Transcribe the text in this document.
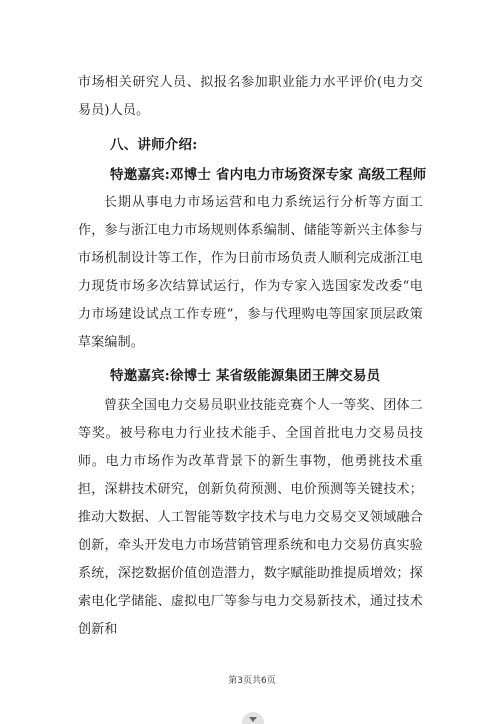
市场相关研究人员、拟报名参加职业能力水平评价(电力交易员)人员。
八、讲师介绍:
特邀嘉宾:邓博士 省内电力市场资深专家 高级工程师
长期从事电力市场运营和电力系统运行分析等方面工作，参与浙江电力市场规则体系编制、储能等新兴主体参与市场机制设计等工作，作为日前市场负责人顺利完成浙江电力现货市场多次结算试运行，作为专家入选国家发改委“电力市场建设试点工作专班”，参与代理购电等国家顶层政策草案编制。
特邀嘉宾:徐博士 某省级能源集团王牌交易员
曾获全国电力交易员职业技能竞赛个人一等奖、团体二等奖。被号称电力行业技术能手、全国首批电力交易员技师。电力市场作为改革背景下的新生事物，他勇挑技术重担，深耕技术研究，创新负荷预测、电价预测等关键技术；推动大数据、人工智能等数字技术与电力交易交叉领域融合创新，牵头开发电力市场营销管理系统和电力交易仿真实验系统，深挖数据价值创造潜力，数字赋能助推提质增效；探索电化学储能、虚拟电厂等参与电力交易新技术，通过技术创新和
第3页共6页
